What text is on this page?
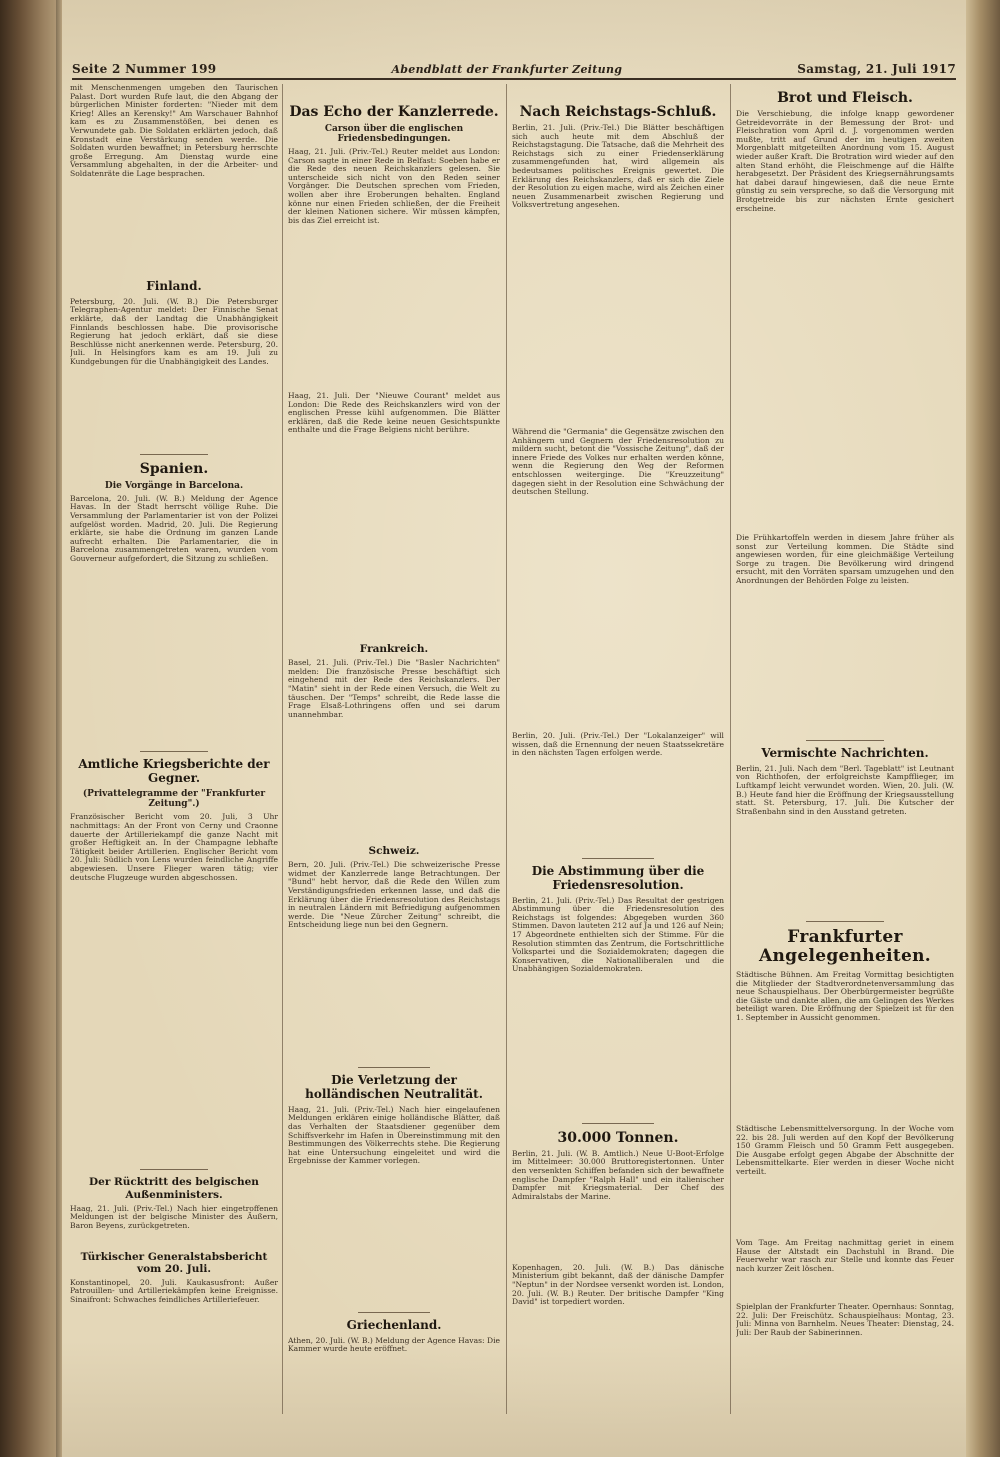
Seite 2 Nummer 199	Abendblatt der Frankfurter Zeitung	Samstag, 21. Juli 1917

mit Menschenmengen umgeben den Taurischen Palast. Dort wurden Rufe laut, die den Abgang der bürgerlichen Minister forderten: "Nieder mit dem Krieg! Alles an Kerensky!" Am Warschauer Bahnhof kam es zu Zusammenstößen, bei denen es Verwundete gab. Die Soldaten erklärten jedoch, daß Kronstadt eine Verstärkung senden werde. Die Soldaten wurden bewaffnet; in Petersburg herrschte große Erregung. Am Dienstag wurde eine Versammlung abgehalten, in der die Arbeiter- und Soldatenräte die Lage besprachen.

Finland.

Petersburg, 20. Juli. (W. B.) Die Petersburger Telegraphen-Agentur meldet: Der Finnische Senat erklärte, daß der Landtag die Unabhängigkeit Finnlands beschlossen habe. Die provisorische Regierung hat jedoch erklärt, daß sie diese Beschlüsse nicht anerkennen werde. Petersburg, 20. Juli. In Helsingfors kam es am 19. Juli zu Kundgebungen für die Unabhängigkeit des Landes.

Spanien.
Die Vorgänge in Barcelona.

Barcelona, 20. Juli. (W. B.) Meldung der Agence Havas. In der Stadt herrscht völlige Ruhe. Die Versammlung der Parlamentarier ist von der Polizei aufgelöst worden. Madrid, 20. Juli. Die Regierung erklärte, sie habe die Ordnung im ganzen Lande aufrecht erhalten. Die Parlamentarier, die in Barcelona zusammengetreten waren, wurden vom Gouverneur aufgefordert, die Sitzung zu schließen.

Amtliche Kriegsberichte der Gegner.
(Privattelegramme der "Frankfurter Zeitung".)

Französischer Bericht vom 20. Juli, 3 Uhr nachmittags: An der Front von Cerny und Craonne dauerte der Artilleriekampf die ganze Nacht mit großer Heftigkeit an. In der Champagne lebhafte Tätigkeit beider Artillerien. Englischer Bericht vom 20. Juli: Südlich von Lens wurden feindliche Angriffe abgewiesen. Unsere Flieger waren tätig; vier deutsche Flugzeuge wurden abgeschossen.

Der Rücktritt des belgischen Außenministers.

Haag, 21. Juli. (Priv.-Tel.) Nach hier eingetroffenen Meldungen ist der belgische Minister des Äußern, Baron Beyens, zurückgetreten.

Türkischer Generalstabsbericht vom 20. Juli.

Konstantinopel, 20. Juli. Kaukasusfront: Außer Patrouillen- und Artilleriekämpfen keine Ereignisse. Sinaifront: Schwaches feindliches Artilleriefeuer.

Das Echo der Kanzlerrede.
Carson über die englischen Friedensbedingungen.

Haag, 21. Juli. (Priv.-Tel.) Reuter meldet aus London: Carson sagte in einer Rede in Belfast: Soeben habe er die Rede des neuen Reichskanzlers gelesen. Sie unterscheide sich nicht von den Reden seiner Vorgänger. Die Deutschen sprechen vom Frieden, wollen aber ihre Eroberungen behalten. England könne nur einen Frieden schließen, der die Freiheit der kleinen Nationen sichere. Wir müssen kämpfen, bis das Ziel erreicht ist.

Haag, 21. Juli. Der "Nieuwe Courant" meldet aus London: Die Rede des Reichskanzlers wird von der englischen Presse kühl aufgenommen. Die Blätter erklären, daß die Rede keine neuen Gesichtspunkte enthalte und die Frage Belgiens nicht berühre.

Frankreich.

Basel, 21. Juli. (Priv.-Tel.) Die "Basler Nachrichten" melden: Die französische Presse beschäftigt sich eingehend mit der Rede des Reichskanzlers. Der "Matin" sieht in der Rede einen Versuch, die Welt zu täuschen. Der "Temps" schreibt, die Rede lasse die Frage Elsaß-Lothringens offen und sei darum unannehmbar.

Schweiz.

Bern, 20. Juli. (Priv.-Tel.) Die schweizerische Presse widmet der Kanzlerrede lange Betrachtungen. Der "Bund" hebt hervor, daß die Rede den Willen zum Verständigungsfrieden erkennen lasse, und daß die Erklärung über die Friedensresolution des Reichstags in neutralen Ländern mit Befriedigung aufgenommen werde. Die "Neue Zürcher Zeitung" schreibt, die Entscheidung liege nun bei den Gegnern.

Die Verletzung der holländischen Neutralität.

Haag, 21. Juli. (Priv.-Tel.) Nach hier eingelaufenen Meldungen erklären einige holländische Blätter, daß das Verhalten der Staatsdiener gegenüber dem Schiffsverkehr im Hafen in Übereinstimmung mit den Bestimmungen des Völkerrechts stehe. Die Regierung hat eine Untersuchung eingeleitet und wird die Ergebnisse der Kammer vorlegen.

Griechenland.

Athen, 20. Juli. (W. B.) Meldung der Agence Havas: Die Kammer wurde heute eröffnet.

Nach Reichstags-Schluß.

Berlin, 21. Juli. (Priv.-Tel.) Die Blätter beschäftigen sich auch heute mit dem Abschluß der Reichstagstagung. Die Tatsache, daß die Mehrheit des Reichstags sich zu einer Friedenserklärung zusammengefunden hat, wird allgemein als bedeutsames politisches Ereignis gewertet. Die Erklärung des Reichskanzlers, daß er sich die Ziele der Resolution zu eigen mache, wird als Zeichen einer neuen Zusammenarbeit zwischen Regierung und Volksvertretung angesehen.

Während die "Germania" die Gegensätze zwischen den Anhängern und Gegnern der Friedensresolution zu mildern sucht, betont die "Vossische Zeitung", daß der innere Friede des Volkes nur erhalten werden könne, wenn die Regierung den Weg der Reformen entschlossen weiterginge. Die "Kreuzzeitung" dagegen sieht in der Resolution eine Schwächung der deutschen Stellung.

Berlin, 20. Juli. (Priv.-Tel.) Der "Lokalanzeiger" will wissen, daß die Ernennung der neuen Staatssekretäre in den nächsten Tagen erfolgen werde.

Die Abstimmung über die Friedensresolution.

Berlin, 21. Juli. (Priv.-Tel.) Das Resultat der gestrigen Abstimmung über die Friedensresolution des Reichstags ist folgendes: Abgegeben wurden 360 Stimmen. Davon lauteten 212 auf Ja und 126 auf Nein; 17 Abgeordnete enthielten sich der Stimme. Für die Resolution stimmten das Zentrum, die Fortschrittliche Volkspartei und die Sozialdemokraten; dagegen die Konservativen, die Nationalliberalen und die Unabhängigen Sozialdemokraten.

30.000 Tonnen.

Berlin, 21. Juli. (W. B. Amtlich.) Neue U-Boot-Erfolge im Mittelmeer: 30.000 Bruttoregistertonnen. Unter den versenkten Schiffen befanden sich der bewaffnete englische Dampfer "Ralph Hall" und ein italienischer Dampfer mit Kriegsmaterial. Der Chef des Admiralstabs der Marine.

Kopenhagen, 20. Juli. (W. B.) Das dänische Ministerium gibt bekannt, daß der dänische Dampfer "Neptun" in der Nordsee versenkt worden ist. London, 20. Juli. (W. B.) Reuter. Der britische Dampfer "King David" ist torpediert worden.

Brot und Fleisch.

Die Verschiebung, die infolge knapp gewordener Getreidevorräte in der Bemessung der Brot- und Fleischration vom April d. J. vorgenommen werden mußte, tritt auf Grund der im heutigen zweiten Morgenblatt mitgeteilten Anordnung vom 15. August wieder außer Kraft. Die Brotration wird wieder auf den alten Stand erhöht, die Fleischmenge auf die Hälfte herabgesetzt. Der Präsident des Kriegsernährungsamts hat dabei darauf hingewiesen, daß die neue Ernte günstig zu sein verspreche, so daß die Versorgung mit Brotgetreide bis zur nächsten Ernte gesichert erscheine.

Die Frühkartoffeln werden in diesem Jahre früher als sonst zur Verteilung kommen. Die Städte sind angewiesen worden, für eine gleichmäßige Verteilung Sorge zu tragen. Die Bevölkerung wird dringend ersucht, mit den Vorräten sparsam umzugehen und den Anordnungen der Behörden Folge zu leisten.

Vermischte Nachrichten.

Berlin, 21. Juli. Nach dem "Berl. Tageblatt" ist Leutnant von Richthofen, der erfolgreichste Kampfflieger, im Luftkampf leicht verwundet worden. Wien, 20. Juli. (W. B.) Heute fand hier die Eröffnung der Kriegsausstellung statt. St. Petersburg, 17. Juli. Die Kutscher der Straßenbahn sind in den Ausstand getreten.

Frankfurter Angelegenheiten.

Städtische Bühnen. Am Freitag Vormittag besichtigten die Mitglieder der Stadtverordnetenversammlung das neue Schauspielhaus. Der Oberbürgermeister begrüßte die Gäste und dankte allen, die am Gelingen des Werkes beteiligt waren. Die Eröffnung der Spielzeit ist für den 1. September in Aussicht genommen.

Städtische Lebensmittelversorgung. In der Woche vom 22. bis 28. Juli werden auf den Kopf der Bevölkerung 150 Gramm Fleisch und 50 Gramm Fett ausgegeben. Die Ausgabe erfolgt gegen Abgabe der Abschnitte der Lebensmittelkarte. Eier werden in dieser Woche nicht verteilt.

Vom Tage. Am Freitag nachmittag geriet in einem Hause der Altstadt ein Dachstuhl in Brand. Die Feuerwehr war rasch zur Stelle und konnte das Feuer nach kurzer Zeit löschen.

Spielplan der Frankfurter Theater. Opernhaus: Sonntag, 22. Juli: Der Freischütz. Schauspielhaus: Montag, 23. Juli: Minna von Barnhelm. Neues Theater: Dienstag, 24. Juli: Der Raub der Sabinerinnen.
